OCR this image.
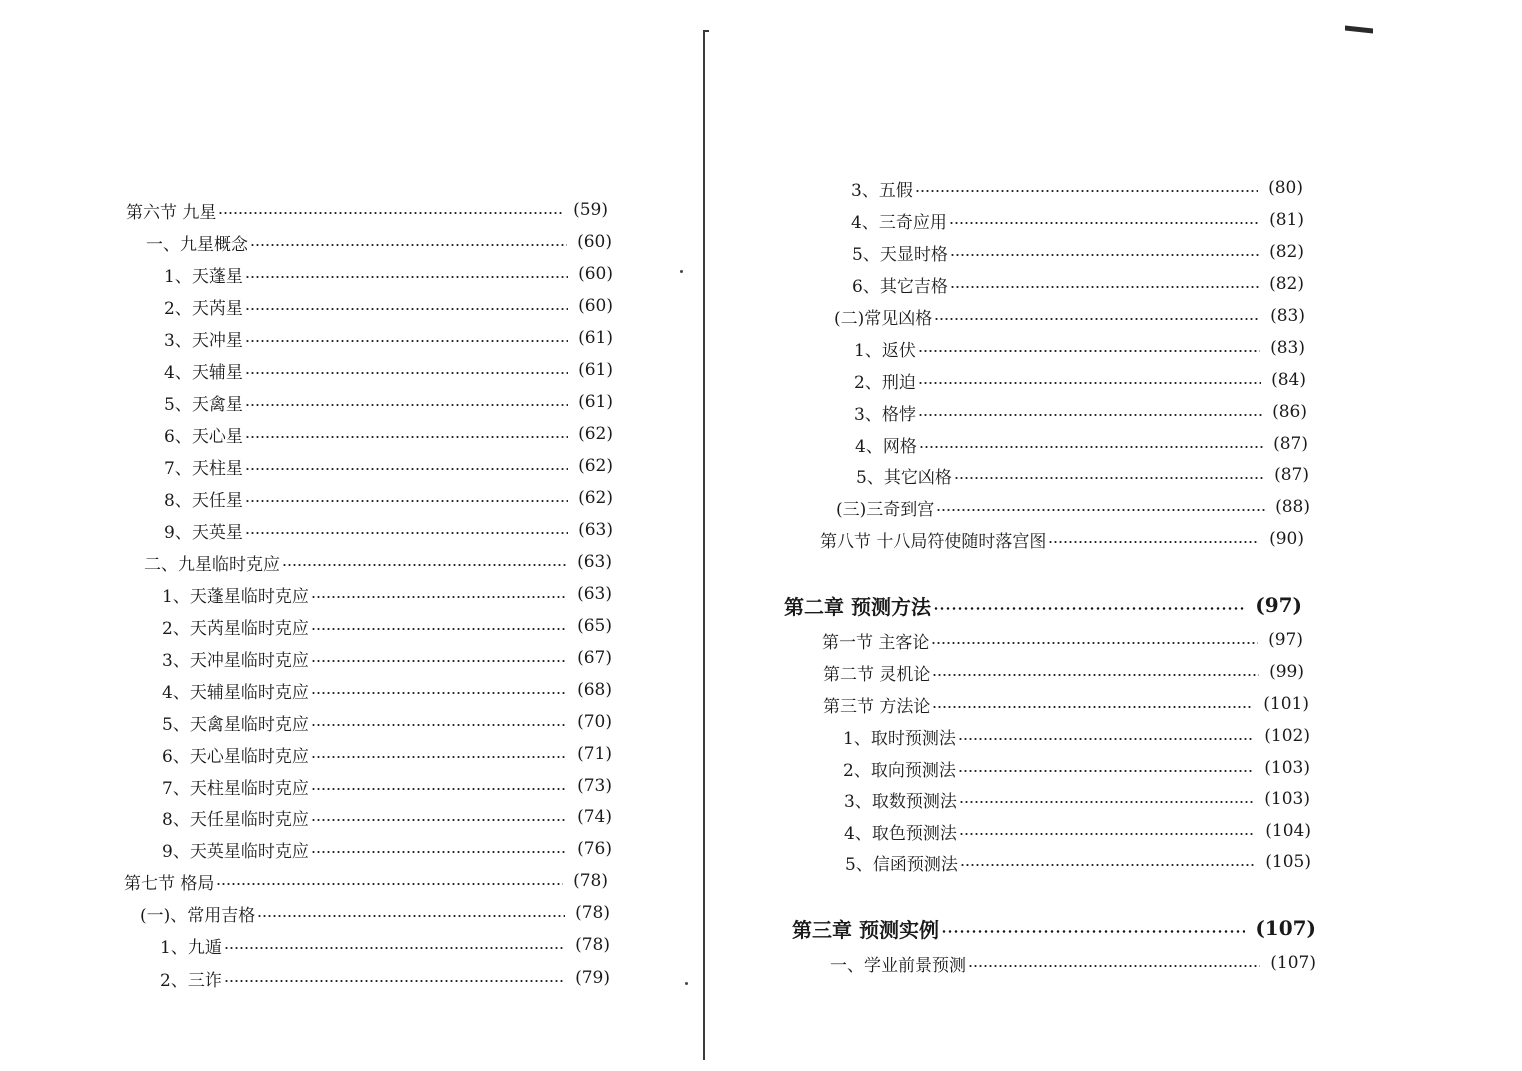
第六节 九星	(59)
一、九星概念	(60)
1、天蓬星	(60)
2、天芮星	(60)
3、天冲星	(61)
4、天辅星	(61)
5、天禽星	(61)
6、天心星	(62)
7、天柱星	(62)
8、天任星	(62)
9、天英星	(63)
二、九星临时克应	(63)
1、天蓬星临时克应	(63)
2、天芮星临时克应	(65)
3、天冲星临时克应	(67)
4、天辅星临时克应	(68)
5、天禽星临时克应	(70)
6、天心星临时克应	(71)
7、天柱星临时克应	(73)
8、天任星临时克应	(74)
9、天英星临时克应	(76)
第七节 格局	(78)
(一)、常用吉格	(78)
1、九遁	(78)
2、三诈	(79)
3、五假	(80)
4、三奇应用	(81)
5、天显时格	(82)
6、其它吉格	(82)
(二)常见凶格	(83)
1、返伏	(83)
2、刑迫	(84)
3、格悖	(86)
4、网格	(87)
5、其它凶格	(87)
(三)三奇到宫	(88)
第八节 十八局符使随时落宫图	(90)
第二章 预测方法	(97)
第一节 主客论	(97)
第二节 灵机论	(99)
第三节 方法论	(101)
1、取时预测法	(102)
2、取向预测法	(103)
3、取数预测法	(103)
4、取色预测法	(104)
5、信函预测法	(105)
第三章 预测实例	(107)
一、学业前景预测	(107)
